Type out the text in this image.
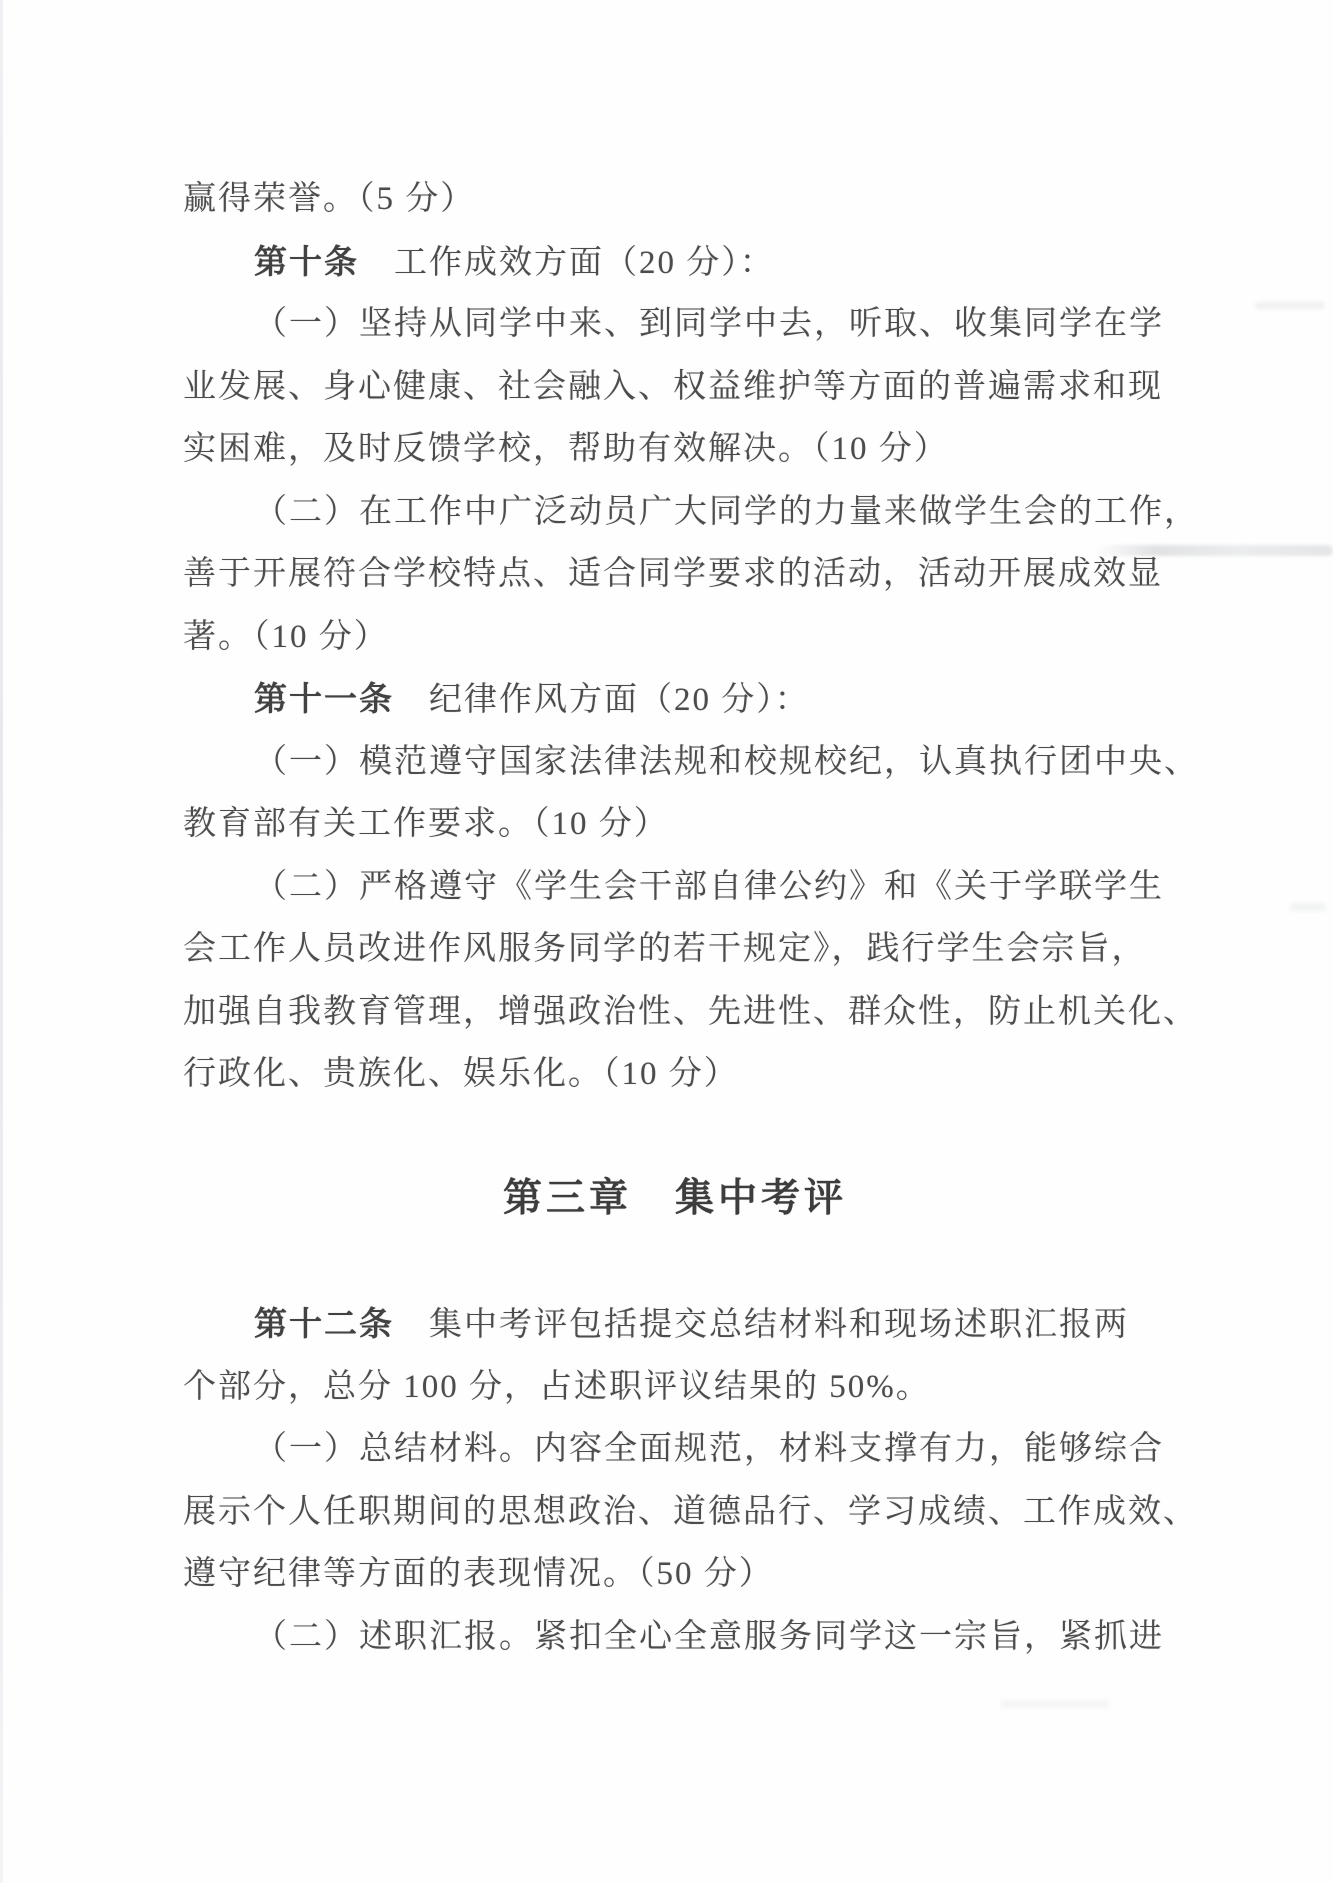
赢得荣誉。（5 分）
第十条　工作成效方面（20 分）：
（一）坚持从同学中来、到同学中去，听取、收集同学在学
业发展、身心健康、社会融入、权益维护等方面的普遍需求和现
实困难，及时反馈学校，帮助有效解决。（10 分）
（二）在工作中广泛动员广大同学的力量来做学生会的工作，
善于开展符合学校特点、适合同学要求的活动，活动开展成效显
著。（10 分）
第十一条　纪律作风方面（20 分）：
（一）模范遵守国家法律法规和校规校纪，认真执行团中央、
教育部有关工作要求。（10 分）
（二）严格遵守《学生会干部自律公约》和《关于学联学生
会工作人员改进作风服务同学的若干规定》，践行学生会宗旨，
加强自我教育管理，增强政治性、先进性、群众性，防止机关化、
行政化、贵族化、娱乐化。（10 分）
第三章　集中考评
第十二条　集中考评包括提交总结材料和现场述职汇报两
个部分，总分 100 分，占述职评议结果的 50%。
（一）总结材料。内容全面规范，材料支撑有力，能够综合
展示个人任职期间的思想政治、道德品行、学习成绩、工作成效、
遵守纪律等方面的表现情况。（50 分）
（二）述职汇报。紧扣全心全意服务同学这一宗旨，紧抓进
